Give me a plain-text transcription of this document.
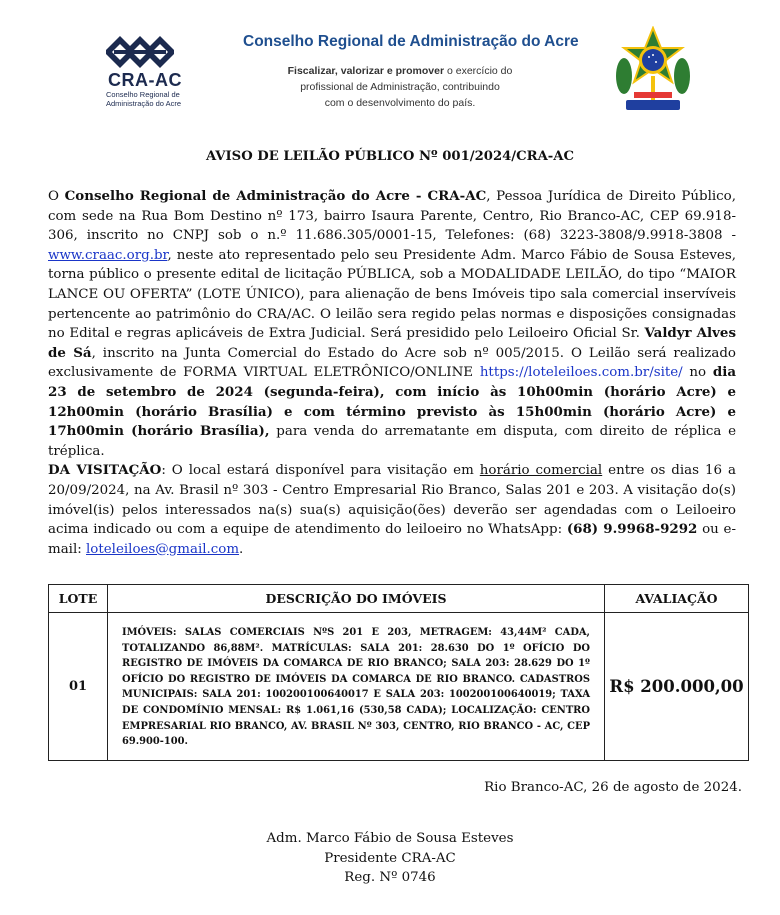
CRA-AC
Conselho Regional de
Administração do Acre
Conselho Regional de Administração do Acre
Fiscalizar, valorizar e promover o exercício do
profissional de Administração, contribuindo
com o desenvolvimento do país.
AVISO DE LEILÃO PÚBLICO Nº 001/2024/CRA-AC

O Conselho Regional de Administração do Acre - CRA-AC, Pessoa Jurídica de Direito Público, com sede na Rua Bom Destino nº 173, bairro Isaura Parente, Centro, Rio Branco-AC, CEP 69.918-306, inscrito no CNPJ sob o n.º 11.686.305/0001-15, Telefones: (68) 3223-3808/9.9918-3808 - www.craac.org.br, neste ato representado pelo seu Presidente Adm. Marco Fábio de Sousa Esteves, torna público o presente edital de licitação PÚBLICA, sob a MODALIDADE LEILÃO, do tipo “MAIOR LANCE OU OFERTA” (LOTE ÚNICO), para alienação de bens Imóveis tipo sala comercial inservíveis pertencente ao patrimônio do CRA/AC. O leilão sera regido pelas normas e disposições consignadas no Edital e regras aplicáveis de Extra Judicial. Será presidido pelo Leiloeiro Oficial Sr. Valdyr Alves de Sá, inscrito na Junta Comercial do Estado do Acre sob nº 005/2015. O Leilão será realizado exclusivamente de FORMA VIRTUAL ELETRÔNICO/ONLINE https://loteleiloes.com.br/site/ no dia 23 de setembro de 2024 (segunda-feira), com início às 10h00min (horário Acre) e 12h00min (horário Brasília) e com término previsto às 15h00min (horário Acre) e 17h00min (horário Brasília), para venda do arrematante em disputa, com direito de réplica e tréplica.

DA VISITAÇÃO: O local estará disponível para visitação em horário comercial entre os dias 16 a 20/09/2024, na Av. Brasil nº 303 - Centro Empresarial Rio Branco, Salas 201 e 203. A visitação do(s) imóvel(is) pelos interessados na(s) sua(s) aquisição(ões) deverão ser agendadas com o Leiloeiro acima indicado ou com a equipe de atendimento do leiloeiro no WhatsApp: (68) 9.9968-9292 ou e-mail: loteleiloes@gmail.com.

LOTE	DESCRIÇÃO DO IMÓVEIS	AVALIAÇÃO
01	IMÓVEIS: SALAS COMERCIAIS NºS 201 E 203, METRAGEM: 43,44M² CADA, TOTALIZANDO 86,88M². MATRÍCULAS: SALA 201: 28.630 DO 1º OFÍCIO DO REGISTRO DE IMÓVEIS DA COMARCA DE RIO BRANCO; SALA 203: 28.629 DO 1º OFÍCIO DO REGISTRO DE IMÓVEIS DA COMARCA DE RIO BRANCO. CADASTROS MUNICIPAIS: SALA 201: 100200100640017 E SALA 203: 100200100640019; TAXA DE CONDOMÍNIO MENSAL: R$ 1.061,16 (530,58 CADA); LOCALIZAÇÃO: CENTRO EMPRESARIAL RIO BRANCO, AV. BRASIL Nº 303, CENTRO, RIO BRANCO - AC, CEP 69.900-100.	R$ 200.000,00
Rio Branco-AC, 26 de agosto de 2024.
Adm. Marco Fábio de Sousa Esteves
Presidente CRA-AC
Reg. Nº 0746
